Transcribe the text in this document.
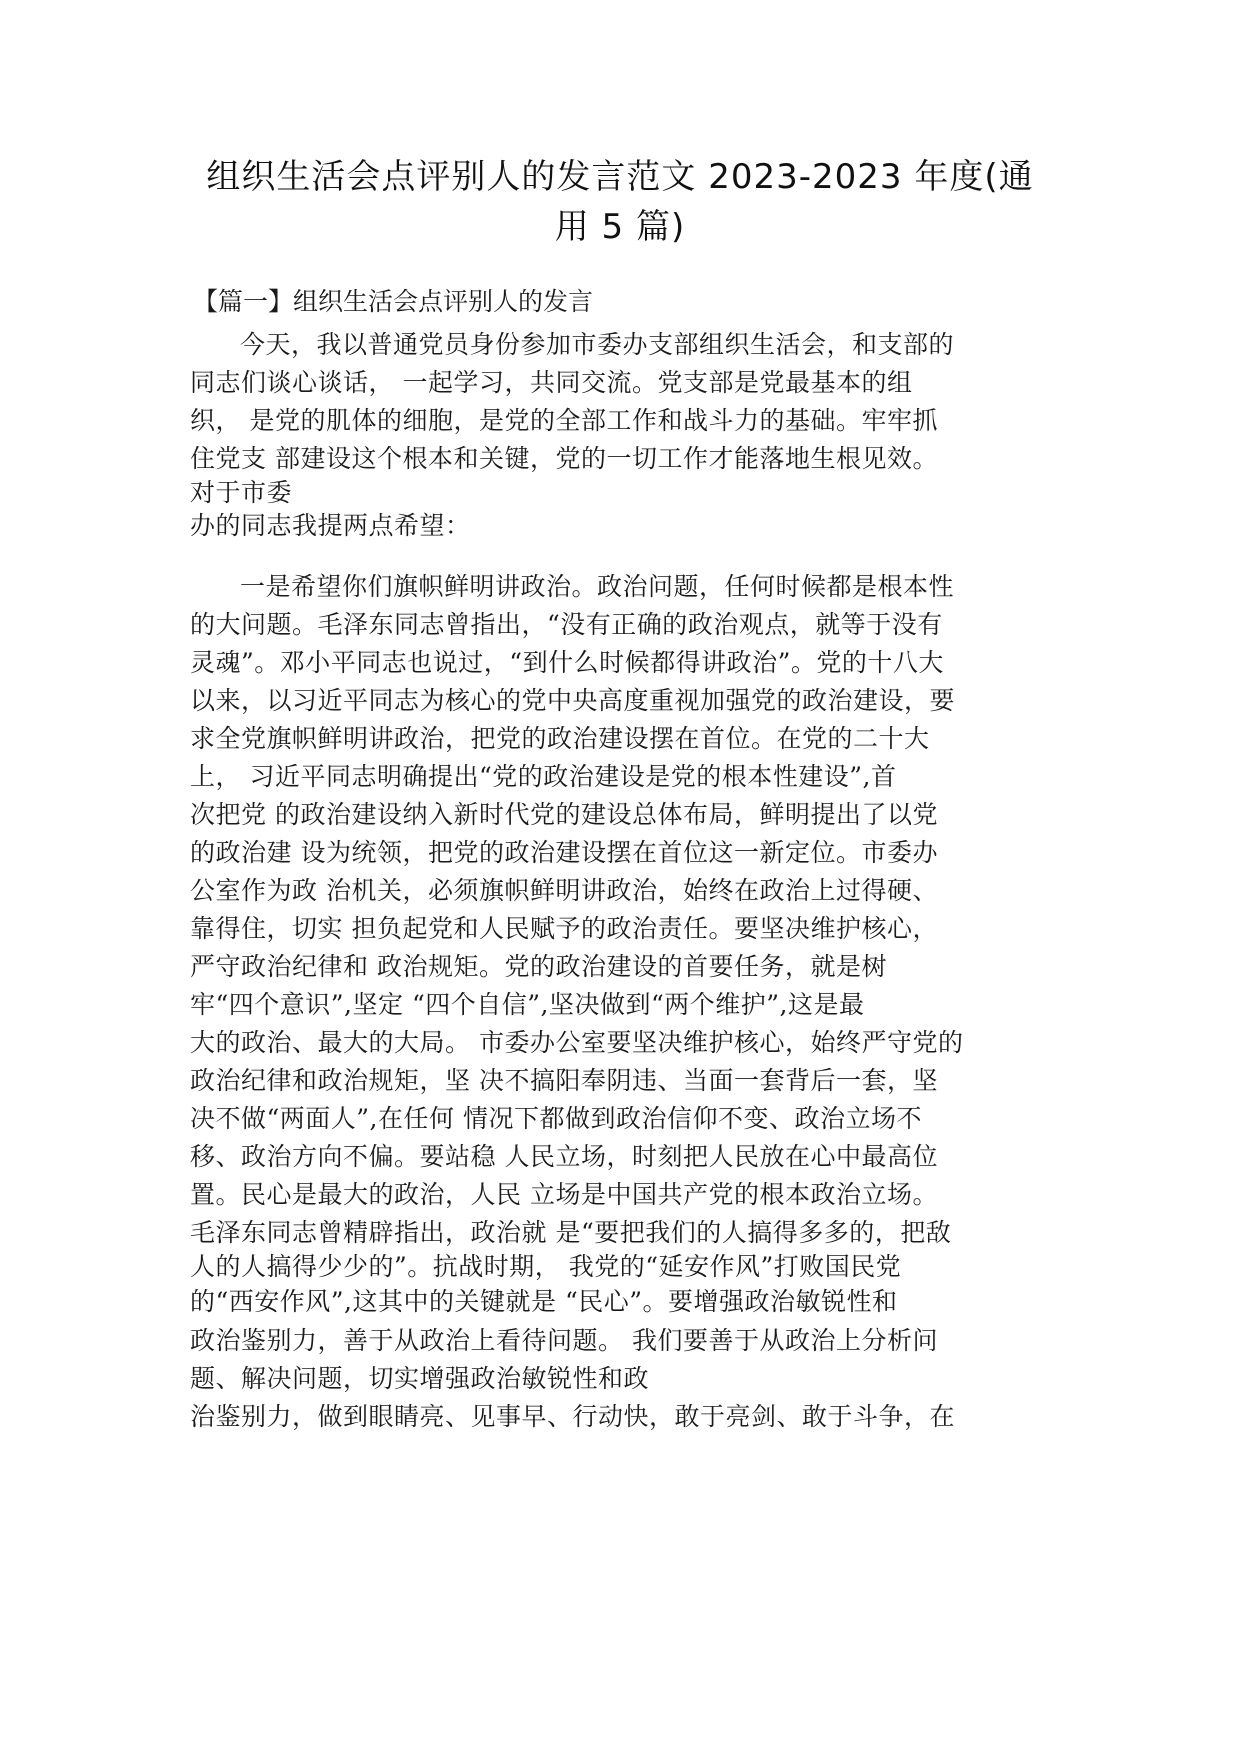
组织生活会点评别人的发言范文 2023-2023 年度(通
用 5 篇)
【篇一】组织生活会点评别人的发言
今天，我以普通党员身份参加市委办支部组织生活会，和支部的
同志们谈心谈话， 一起学习，共同交流。党支部是党最基本的组
织， 是党的肌体的细胞，是党的全部工作和战斗力的基础。牢牢抓
住党支 部建设这个根本和关键，党的一切工作才能落地生根见效。
对于市委
办的同志我提两点希望：
一是希望你们旗帜鲜明讲政治。政治问题，任何时候都是根本性
的大问题。毛泽东同志曾指出，“没有正确的政治观点，就等于没有
灵魂”。邓小平同志也说过，“到什么时候都得讲政治”。党的十八大
以来，以习近平同志为核心的党中央高度重视加强党的政治建设，要
求全党旗帜鲜明讲政治，把党的政治建设摆在首位。在党的二十大
上， 习近平同志明确提出“党的政治建设是党的根本性建设”,首
次把党 的政治建设纳入新时代党的建设总体布局，鲜明提出了以党
的政治建 设为统领，把党的政治建设摆在首位这一新定位。市委办
公室作为政 治机关，必须旗帜鲜明讲政治，始终在政治上过得硬、
靠得住，切实 担负起党和人民赋予的政治责任。要坚决维护核心，
严守政治纪律和 政治规矩。党的政治建设的首要任务，就是树
牢“四个意识”,坚定 “四个自信”,坚决做到“两个维护”,这是最
大的政治、最大的大局。 市委办公室要坚决维护核心，始终严守党的
政治纪律和政治规矩，坚 决不搞阳奉阴违、当面一套背后一套，坚
决不做“两面人”,在任何 情况下都做到政治信仰不变、政治立场不
移、政治方向不偏。要站稳 人民立场，时刻把人民放在心中最高位
置。民心是最大的政治，人民 立场是中国共产党的根本政治立场。
毛泽东同志曾精辟指出，政治就 是“要把我们的人搞得多多的，把敌
人的人搞得少少的”。抗战时期， 我党的“延安作风”打败国民党
的“西安作风”,这其中的关键就是 “民心”。要增强政治敏锐性和
政治鉴别力，善于从政治上看待问题。 我们要善于从政治上分析问
题、解决问题，切实增强政治敏锐性和政
治鉴别力，做到眼睛亮、见事早、行动快，敢于亮剑、敢于斗争，在
